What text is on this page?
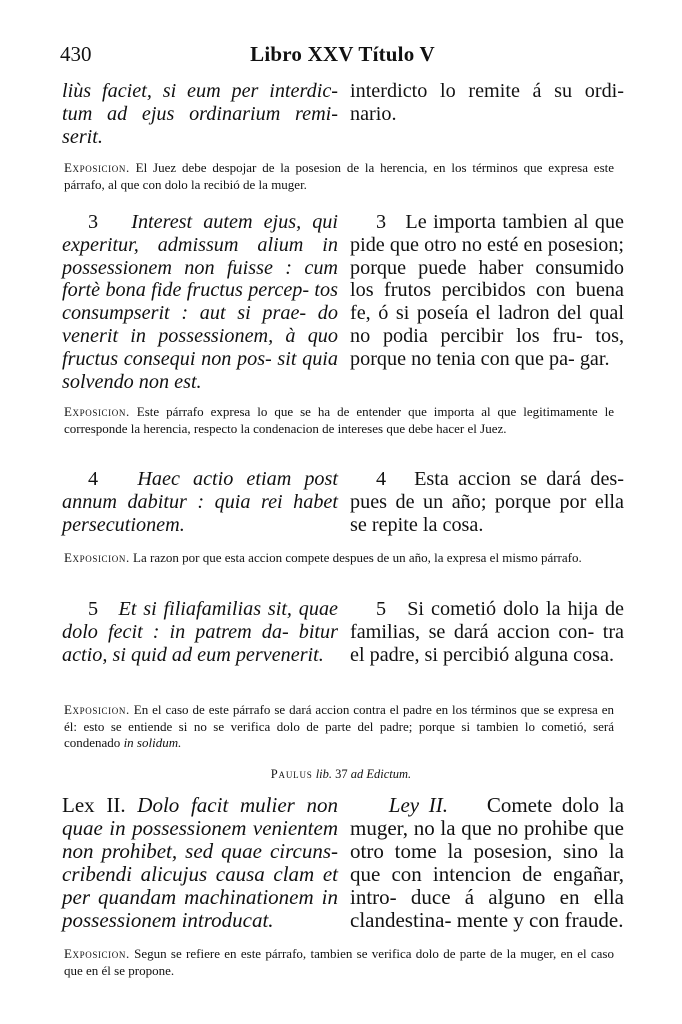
430	Libro XXV Título V
liùs faciet, si eum per interdic- tum ad ejus ordinarium remi- serit.
interdicto lo remite á su ordi- nario.
Exposicion. El Juez debe despojar de la posesion de la herencia, en los términos que expresa este párrafo, al que con dolo la recibió de la muger.
3 Interest autem ejus, qui experitur, admissum alium in possessionem non fuisse : cum fortè bona fide fructus percep- tos consumpserit : aut si prae- do venerit in possessionem, à quo fructus consequi non pos- sit quia solvendo non est.
3 Le importa tambien al que pide que otro no esté en posesion; porque puede haber consumido los frutos percibidos con buena fe, ó si poseía el ladron del qual no podia percibir los fru- tos, porque no tenia con que pa- gar.
Exposicion. Este párrafo expresa lo que se ha de entender que importa al que legitimamente le corresponde la herencia, respecto la condenacion de intereses que debe hacer el Juez.
4 Haec actio etiam post annum dabitur : quia rei habet persecutionem.
4 Esta accion se dará des- pues de un año; porque por ella se repite la cosa.
Exposicion. La razon por que esta accion compete despues de un año, la expresa el mismo párrafo.
5 Et si filiafamilias sit, quae dolo fecit : in patrem da- bitur actio, si quid ad eum pervenerit.
5 Si cometió dolo la hija de familias, se dará accion con- tra el padre, si percibió alguna cosa.
Exposicion. En el caso de este párrafo se dará accion contra el padre en los términos que se expresa en él: esto se entiende si no se verifica dolo de parte del padre; porque si tambien lo cometió, será condenado in solidum.
Paulus lib. 37 ad Edictum.
Lex II. Dolo facit mulier non quae in possessionem venientem non prohibet, sed quae circuns- cribendi alicujus causa clam et per quandam machinationem in possessionem introducat.
Ley II. Comete dolo la muger, no la que no prohibe que otro tome la posesion, sino la que con intencion de engañar, intro- duce á alguno en ella clandestina- mente y con fraude.
Exposicion. Segun se refiere en este párrafo, tambien se verifica dolo de parte de la muger, en el caso que en él se propone.
